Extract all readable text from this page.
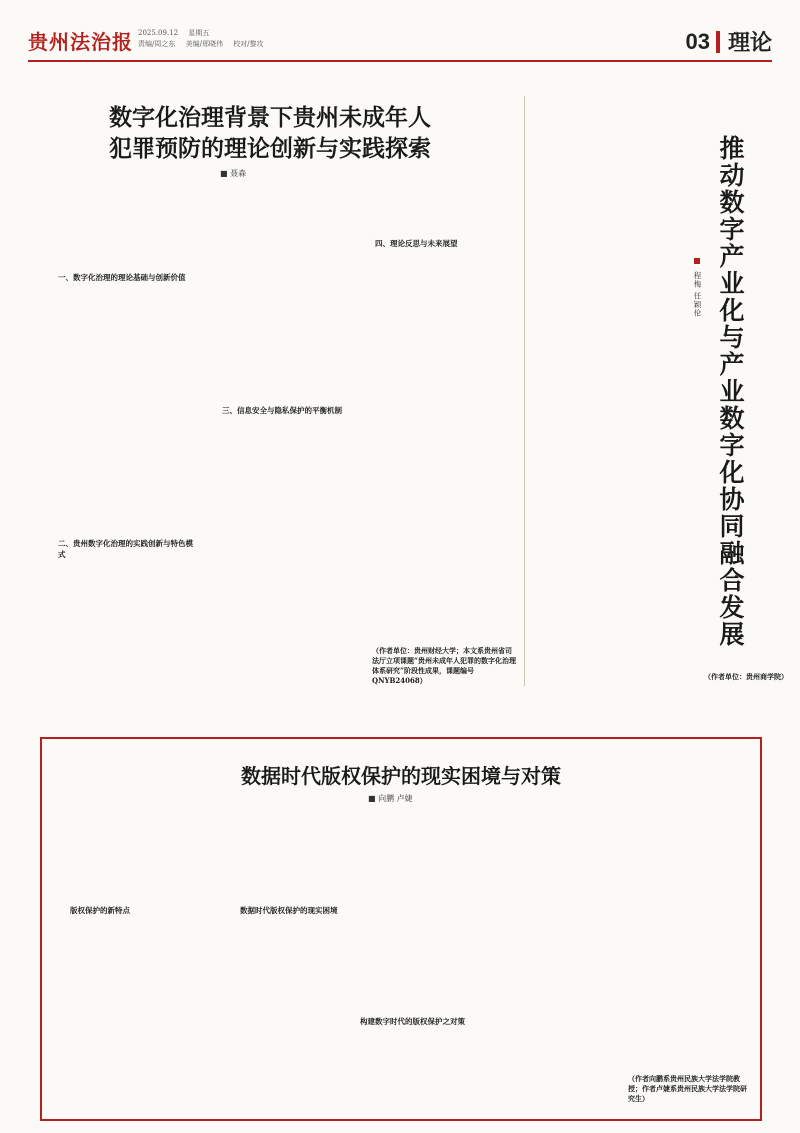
贵州法治报 2025.09.12 星期五
责编/周之东 美编/邢晓伟 校对/黎攻	03 理论
数字化治理背景下贵州未成年人
犯罪预防的理论创新与实践探索
■ 聂森
一、数字化治理的理论基础与创新价值
二、贵州数字化治理的实践创新与特色模式
三、信息安全与隐私保护的平衡机制
四、理论反思与未来展望
（作者单位：贵州财经大学；本文系贵州省司法厅立项课题“贵州未成年人犯罪的数字化治理体系研究”阶段性成果，课题编号QNYB24068）
推动数字产业化与产业数字化协同融合发展
程梅 任颖伦
（作者单位：贵州商学院）
数据时代版权保护的现实困境与对策
■ 向鹏 卢婕
版权保护的新特点	数据时代版权保护的现实困境
构建数字时代的版权保护之对策
（作者向鹏系贵州民族大学法学院教授；作者卢婕系贵州民族大学法学院研究生）
